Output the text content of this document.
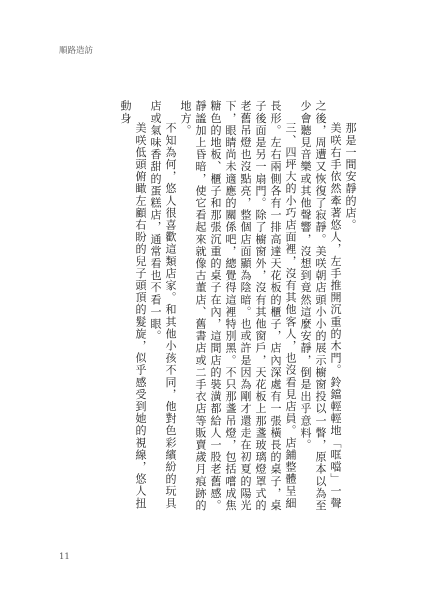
順路造訪

那是一間安靜的店。

美咲右手依然牽著悠人，左手推開沉重的木門。鈴鐺輕輕地「哐噹」一聲之後，周遭又恢復了寂靜。美咲朝店頭小小的展示櫥窗投以一瞥，原本以為至少會聽見音樂或其他聲響，沒想到竟然這麼安靜，倒是出乎意料。

三、四坪大的小巧店面裡，沒有其他客人，也沒看見店員。店鋪整體呈細長形。左右兩側各有一排高達天花板的櫃子，店內深處有一張橫長的桌子，桌子後面是另一扇門。除了櫥窗外，沒有其他窗戶，天花板上那盞玻璃燈罩式的老舊吊燈也沒點亮，整個店面顯為陰暗。也或許是因為剛才還走在初夏的陽光下，眼睛尚未適應的關係吧，總覺得這裡特別黑。不只那盞吊燈，包括嚐成焦糖色的地板、櫃子和那張沉重的桌子在內，這間店的裝潢都給人一股老舊感。靜謐加上昏暗，使它看起來就像古董店、舊書店或二手衣店等販賣歲月痕跡的地方。

不知為何，悠人很喜歡這類店家。和其他小孩不同，他對色彩繽紛的玩具店或氣味香甜的蛋糕店，通常看也不看一眼。

美咲低頭俯瞰左顧右盼的兒子頭頂的髮旋，似乎感受到她的視線，悠人扭動身

11
